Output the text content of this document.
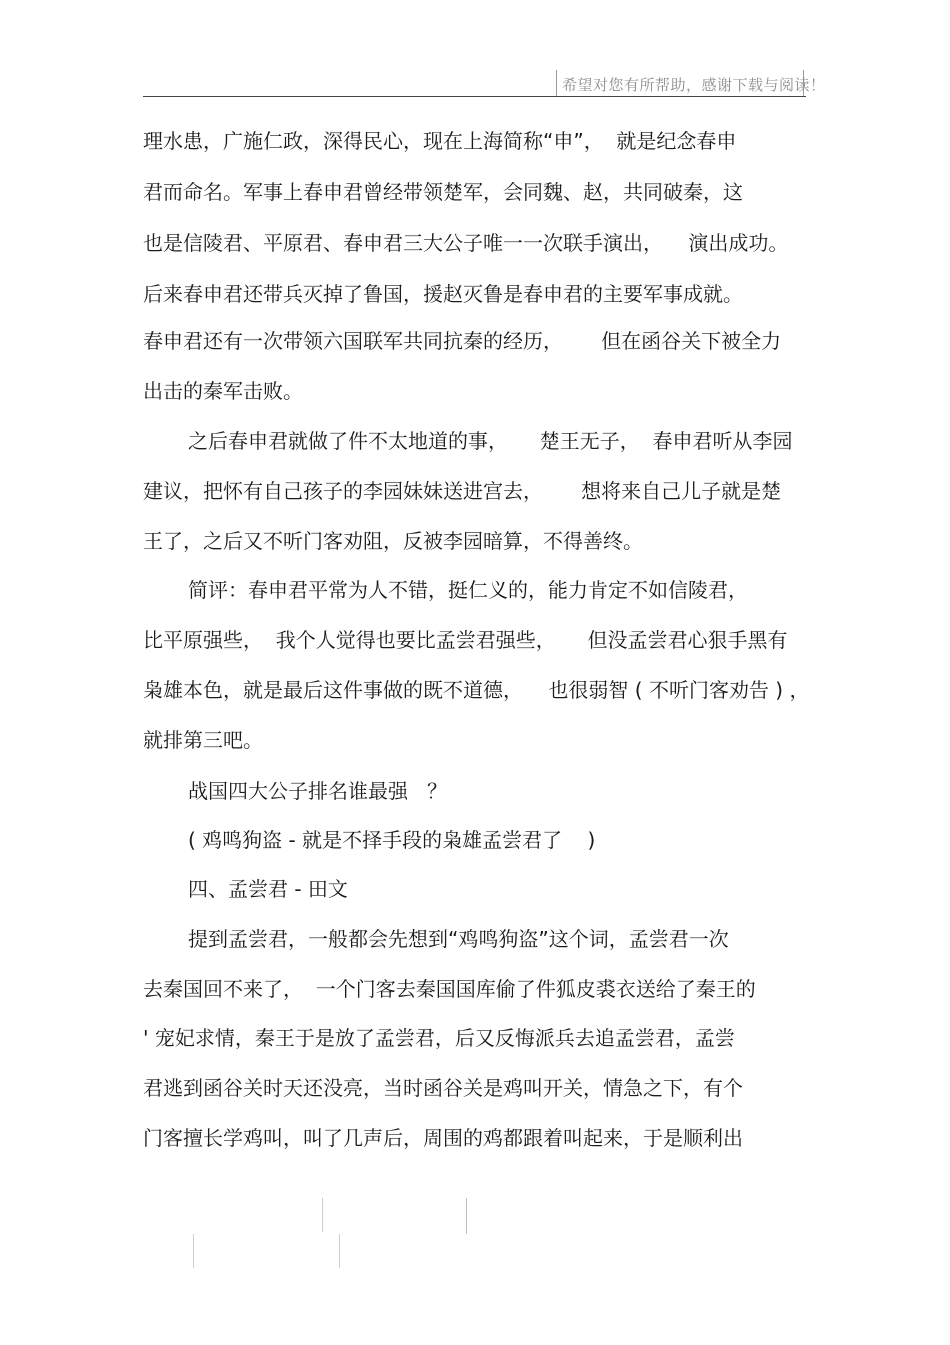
希望对您有所帮助，感谢下载与阅读！
理水患，广施仁政，深得民心，现在上海简称“申”，  就是纪念春申
君而命名。军事上春申君曾经带领楚军，会同魏、赵，共同破秦，这
也是信陵君、平原君、春申君三大公子唯一一次联手演出，    演出成功。
后来春申君还带兵灭掉了鲁国，援赵灭鲁是春申君的主要军事成就。
春申君还有一次带领六国联军共同抗秦的经历，      但在函谷关下被全力
出击的秦军击败。
之后春申君就做了件不太地道的事，     楚王无子，  春申君听从李园
建议，把怀有自己孩子的李园妹妹送进宫去，      想将来自己儿子就是楚
王了，之后又不听门客劝阻，反被李园暗算，不得善终。
简评：春申君平常为人不错，挺仁义的，能力肯定不如信陵君，
比平原强些，  我个人觉得也要比孟尝君强些，     但没孟尝君心狠手黑有
枭雄本色，就是最后这件事做的既不道德，    也很弱智 ( 不听门客劝告 ) ，
就排第三吧。
战国四大公子排名谁最强   ？
( 鸡鸣狗盗 - 就是不择手段的枭雄孟尝君了    )
四、孟尝君 - 田文
提到孟尝君，一般都会先想到“鸡鸣狗盗”这个词，孟尝君一次
去秦国回不来了，  一个门客去秦国国库偷了件狐皮裘衣送给了秦王的
' 宠妃求情，秦王于是放了孟尝君，后又反悔派兵去追孟尝君，孟尝
君逃到函谷关时天还没亮，当时函谷关是鸡叫开关，情急之下，有个
门客擅长学鸡叫，叫了几声后，周围的鸡都跟着叫起来，于是顺利出
